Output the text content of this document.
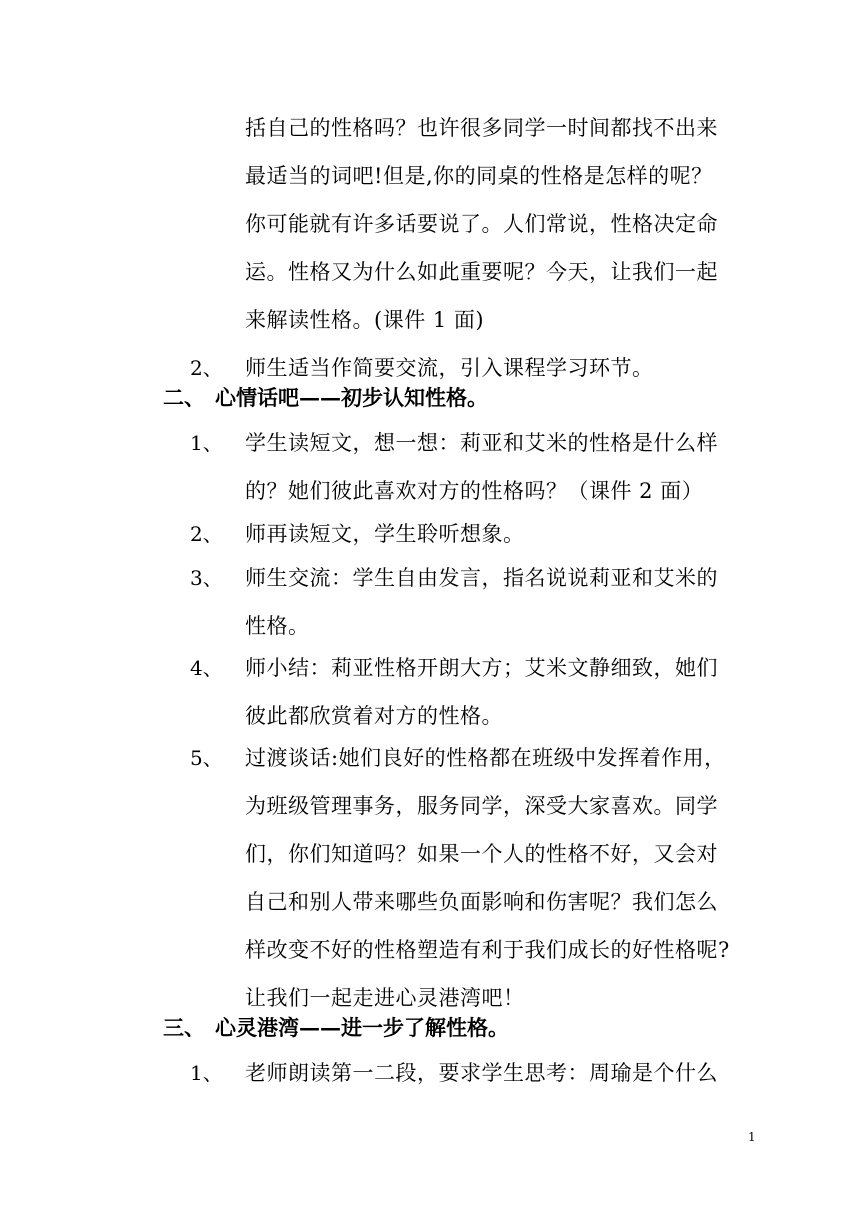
括自己的性格吗？也许很多同学一时间都找不出来
最适当的词吧!但是,你的同桌的性格是怎样的呢？
你可能就有许多话要说了。人们常说，性格决定命
运。性格又为什么如此重要呢？今天，让我们一起
来解读性格。(课件 1 面)
2、 师生适当作简要交流，引入课程学习环节。
二、 心情话吧——初步认知性格。
1、 学生读短文，想一想：莉亚和艾米的性格是什么样
的？她们彼此喜欢对方的性格吗？（课件 2 面）
2、 师再读短文，学生聆听想象。
3、 师生交流：学生自由发言，指名说说莉亚和艾米的
性格。
4、 师小结：莉亚性格开朗大方；艾米文静细致，她们
彼此都欣赏着对方的性格。
5、 过渡谈话:她们良好的性格都在班级中发挥着作用，
为班级管理事务，服务同学，深受大家喜欢。同学
们，你们知道吗？如果一个人的性格不好，又会对
自己和别人带来哪些负面影响和伤害呢？我们怎么
样改变不好的性格塑造有利于我们成长的好性格呢?
让我们一起走进心灵港湾吧！
三、 心灵港湾——进一步了解性格。
1、 老师朗读第一二段，要求学生思考：周瑜是个什么
1
